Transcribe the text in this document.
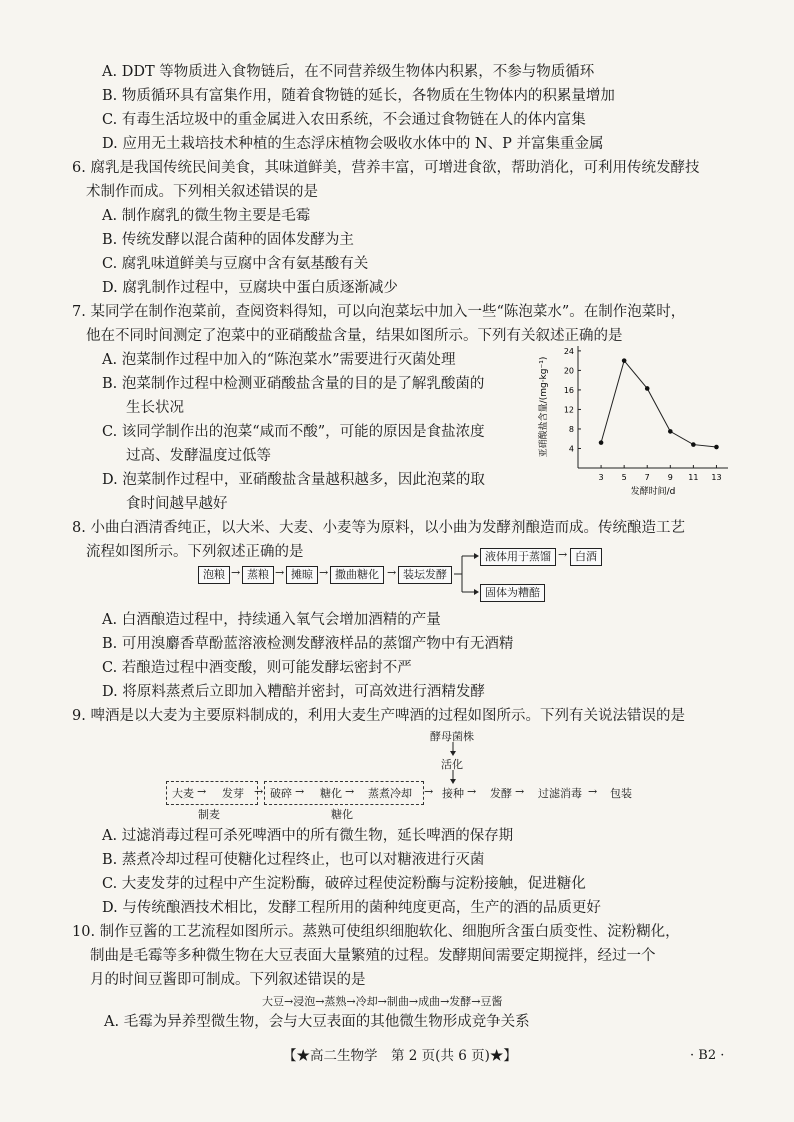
A. DDT 等物质进入食物链后，在不同营养级生物体内积累，不参与物质循环
B. 物质循环具有富集作用，随着食物链的延长，各物质在生物体内的积累量增加
C. 有毒生活垃圾中的重金属进入农田系统，不会通过食物链在人的体内富集
D. 应用无土栽培技术种植的生态浮床植物会吸收水体中的 N、P 并富集重金属
6. 腐乳是我国传统民间美食，其味道鲜美，营养丰富，可增进食欲，帮助消化，可利用传统发酵技
术制作而成。下列相关叙述错误的是
A. 制作腐乳的微生物主要是毛霉
B. 传统发酵以混合菌种的固体发酵为主
C. 腐乳味道鲜美与豆腐中含有氨基酸有关
D. 腐乳制作过程中，豆腐块中蛋白质逐渐减少
7. 某同学在制作泡菜前，查阅资料得知，可以向泡菜坛中加入一些“陈泡菜水”。在制作泡菜时，
他在不同时间测定了泡菜中的亚硝酸盐含量，结果如图所示。下列有关叙述正确的是
A. 泡菜制作过程中加入的“陈泡菜水”需要进行灭菌处理
B. 泡菜制作过程中检测亚硝酸盐含量的目的是了解乳酸菌的
生长状况
C. 该同学制作出的泡菜“咸而不酸”，可能的原因是食盐浓度
过高、发酵温度过低等
D. 泡菜制作过程中，亚硝酸盐含量越积越多，因此泡菜的取
食时间越早越好
亚硝酸盐含量/(mg·kg⁻¹)
发酵时间/d
4
8
12
16
20
24
3 5 7 9 11 13
8. 小曲白酒清香纯正，以大米、大麦、小麦等为原料，以小曲为发酵剂酿造而成。传统酿造工艺
流程如图所示。下列叙述正确的是
泡粮 → 蒸粮 → 摊晾 → 撒曲糖化 → 装坛发酵
液体用于蒸馏 → 白酒
固体为糟醅
A. 白酒酿造过程中，持续通入氧气会增加酒精的产量
B. 可用溴麝香草酚蓝溶液检测发酵液样品的蒸馏产物中有无酒精
C. 若酿造过程中酒变酸，则可能发酵坛密封不严
D. 将原料蒸煮后立即加入糟醅并密封，可高效进行酒精发酵
9. 啤酒是以大麦为主要原料制成的，利用大麦生产啤酒的过程如图所示。下列有关说法错误的是
酵母菌株
活化
大麦 → 发芽 → 破碎 → 糖化 → 蒸煮冷却 → 接种 → 发酵 → 过滤消毒 → 包装
制麦	糖化
A. 过滤消毒过程可杀死啤酒中的所有微生物，延长啤酒的保存期
B. 蒸煮冷却过程可使糖化过程终止，也可以对糖液进行灭菌
C. 大麦发芽的过程中产生淀粉酶，破碎过程使淀粉酶与淀粉接触，促进糖化
D. 与传统酿酒技术相比，发酵工程所用的菌种纯度更高，生产的酒的品质更好
10. 制作豆酱的工艺流程如图所示。蒸熟可使组织细胞软化、细胞所含蛋白质变性、淀粉糊化，
制曲是毛霉等多种微生物在大豆表面大量繁殖的过程。发酵期间需要定期搅拌，经过一个
月的时间豆酱即可制成。下列叙述错误的是
大豆→浸泡→蒸熟→冷却→制曲→成曲→发酵→豆酱
A. 毛霉为异养型微生物，会与大豆表面的其他微生物形成竞争关系
【★高二生物学　第 2 页(共 6 页)★】	· B2 ·
